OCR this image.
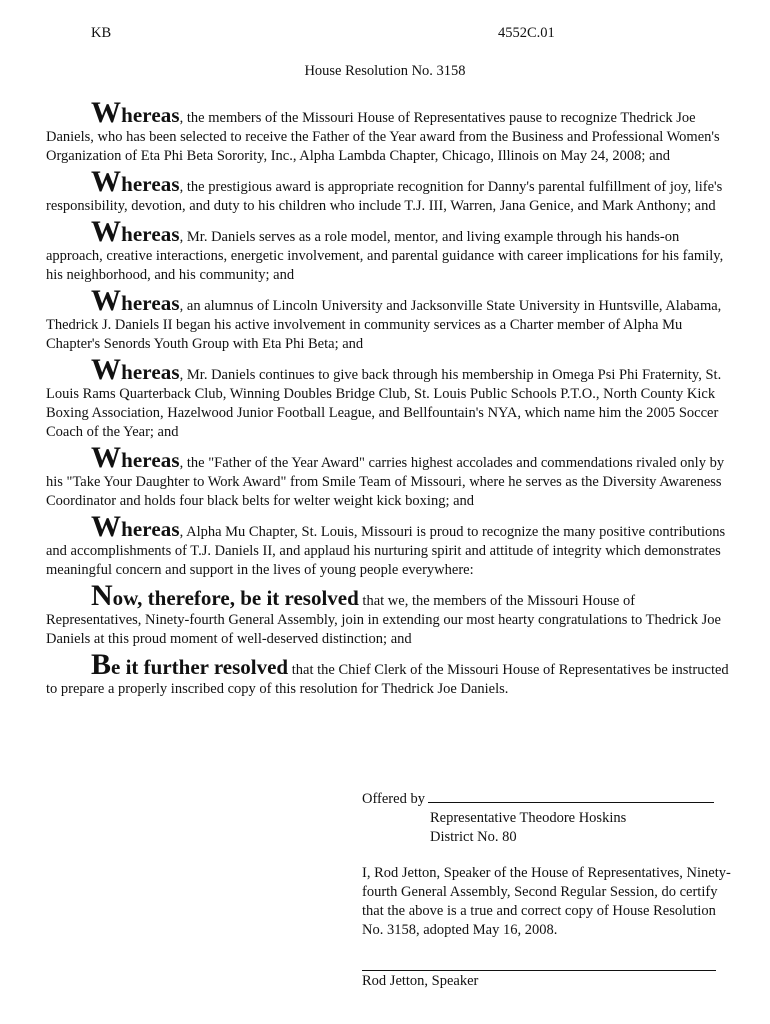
KB	4552C.01
House Resolution No. 3158

Whereas, the members of the Missouri House of Representatives pause to recognize Thedrick Joe Daniels, who has been selected to receive the Father of the Year award from the Business and Professional Women's Organization of Eta Phi Beta Sorority, Inc., Alpha Lambda Chapter, Chicago, Illinois on May 24, 2008; and

Whereas, the prestigious award is appropriate recognition for Danny's parental fulfillment of joy, life's responsibility, devotion, and duty to his children who include T.J. III, Warren, Jana Genice, and Mark Anthony; and

Whereas, Mr. Daniels serves as a role model, mentor, and living example through his hands-on approach, creative interactions, energetic involvement, and parental guidance with career implications for his family, his neighborhood, and his community; and

Whereas, an alumnus of Lincoln University and Jacksonville State University in Huntsville, Alabama, Thedrick J. Daniels II began his active involvement in community services as a Charter member of Alpha Mu Chapter's Senords Youth Group with Eta Phi Beta; and

Whereas, Mr. Daniels continues to give back through his membership in Omega Psi Phi Fraternity, St. Louis Rams Quarterback Club, Winning Doubles Bridge Club, St. Louis Public Schools P.T.O., North County Kick Boxing Association, Hazelwood Junior Football League, and Bellfountain's NYA, which name him the 2005 Soccer Coach of the Year; and

Whereas, the "Father of the Year Award" carries highest accolades and commendations rivaled only by his "Take Your Daughter to Work Award" from Smile Team of Missouri, where he serves as the Diversity Awareness Coordinator and holds four black belts for welter weight kick boxing; and

Whereas, Alpha Mu Chapter, St. Louis, Missouri is proud to recognize the many positive contributions and accomplishments of T.J. Daniels II, and applaud his nurturing spirit and attitude of integrity which demonstrates meaningful concern and support in the lives of young people everywhere:

Now, therefore, be it resolved that we, the members of the Missouri House of Representatives, Ninety-fourth General Assembly, join in extending our most hearty congratulations to Thedrick Joe Daniels at this proud moment of well-deserved distinction; and

Be it further resolved that the Chief Clerk of the Missouri House of Representatives be instructed to prepare a properly inscribed copy of this resolution for Thedrick Joe Daniels.

Offered by
Representative Theodore Hoskins
District No. 80
I, Rod Jetton, Speaker of the House of Representatives, Ninety-fourth General Assembly, Second Regular Session, do certify that the above is a true and correct copy of House Resolution No. 3158, adopted May 16, 2008.
Rod Jetton, Speaker
